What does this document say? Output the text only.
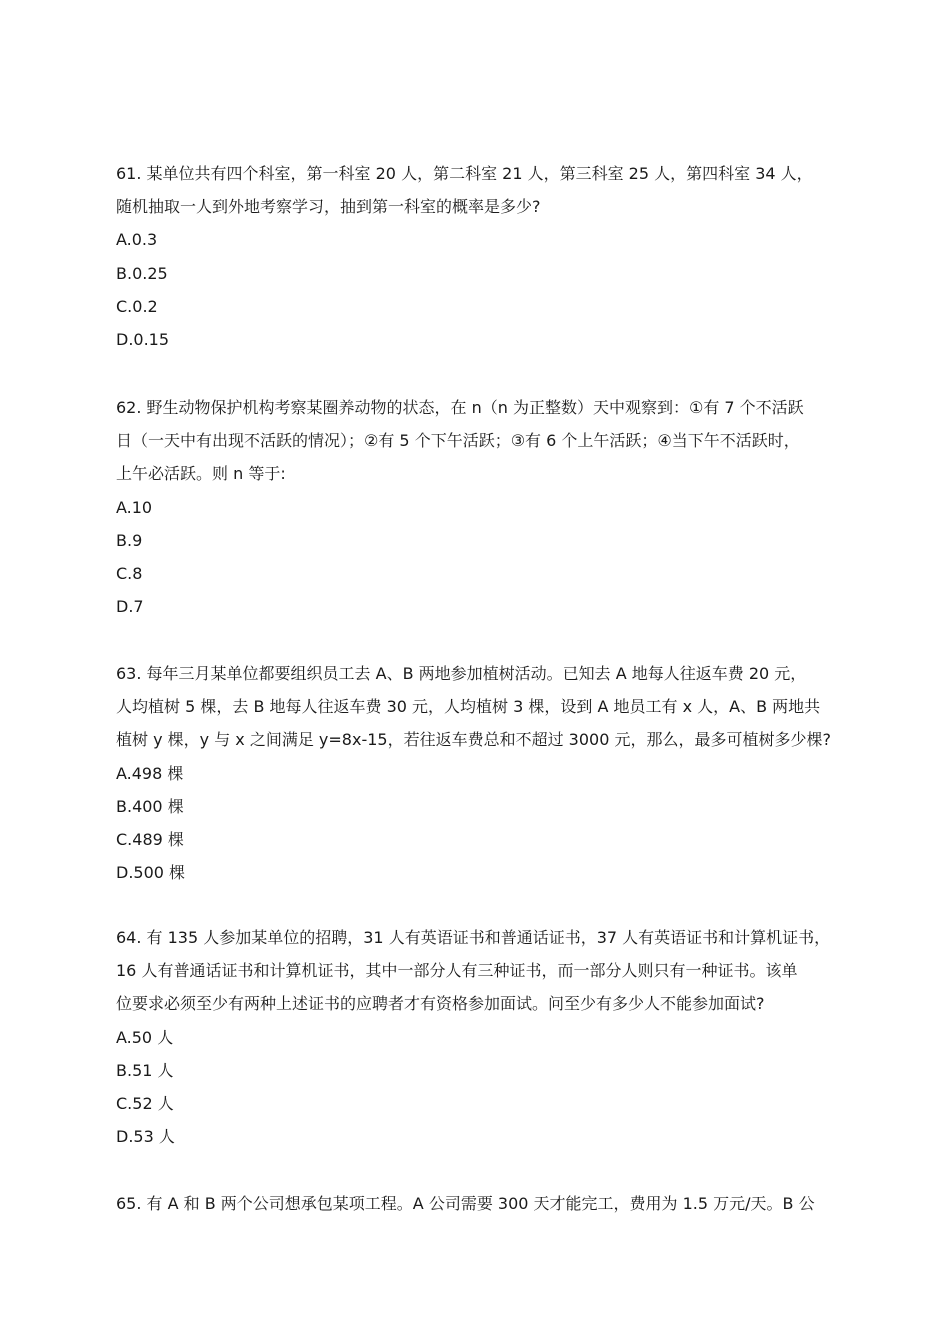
61. 某单位共有四个科室，第一科室 20 人，第二科室 21 人，第三科室 25 人，第四科室 34 人，
随机抽取一人到外地考察学习，抽到第一科室的概率是多少?
A.0.3
B.0.25
C.0.2
D.0.15
62. 野生动物保护机构考察某圈养动物的状态，在 n（n 为正整数）天中观察到：①有 7 个不活跃
日（一天中有出现不活跃的情况）；②有 5 个下午活跃；③有 6 个上午活跃；④当下午不活跃时，
上午必活跃。则 n 等于:
A.10
B.9
C.8
D.7
63. 每年三月某单位都要组织员工去 A、B 两地参加植树活动。已知去 A 地每人往返车费 20 元，
人均植树 5 棵，去 B 地每人往返车费 30 元，人均植树 3 棵，设到 A 地员工有 x 人，A、B 两地共
植树 y 棵，y 与 x 之间满足 y=8x-15，若往返车费总和不超过 3000 元，那么，最多可植树多少棵?
A.498 棵
B.400 棵
C.489 棵
D.500 棵
64. 有 135 人参加某单位的招聘，31 人有英语证书和普通话证书，37 人有英语证书和计算机证书，
16 人有普通话证书和计算机证书，其中一部分人有三种证书，而一部分人则只有一种证书。该单
位要求必须至少有两种上述证书的应聘者才有资格参加面试。问至少有多少人不能参加面试?
A.50 人
B.51 人
C.52 人
D.53 人
65. 有 A 和 B 两个公司想承包某项工程。A 公司需要 300 天才能完工，费用为 1.5 万元/天。B 公
